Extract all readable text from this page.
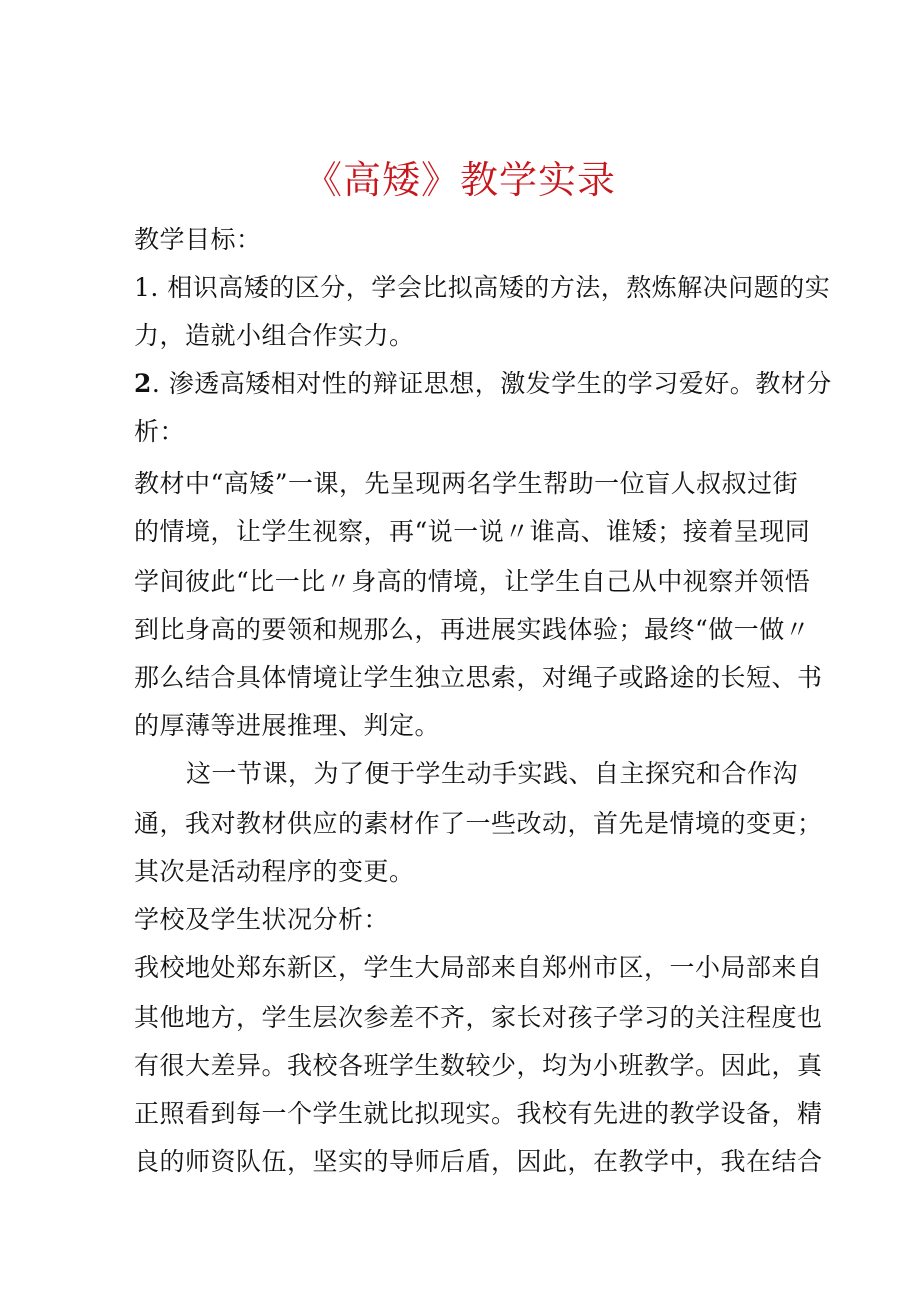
《高矮》教学实录
教学目标：
1. 相识高矮的区分，学会比拟高矮的方法，熬炼解决问题的实
力，造就小组合作实力。
2. 渗透高矮相对性的辩证思想，激发学生的学习爱好。教材分
析：
教材中“高矮”一课，先呈现两名学生帮助一位盲人叔叔过街
的情境，让学生视察，再“说一说〃谁高、谁矮；接着呈现同
学间彼此“比一比〃身高的情境，让学生自己从中视察并领悟
到比身高的要领和规那么，再进展实践体验；最终“做一做〃
那么结合具体情境让学生独立思索，对绳子或路途的长短、书
的厚薄等进展推理、判定。
这一节课，为了便于学生动手实践、自主探究和合作沟
通，我对教材供应的素材作了一些改动，首先是情境的变更；
其次是活动程序的变更。
学校及学生状况分析：
我校地处郑东新区，学生大局部来自郑州市区，一小局部来自
其他地方，学生层次参差不齐，家长对孩子学习的关注程度也
有很大差异。我校各班学生数较少，均为小班教学。因此，真
正照看到每一个学生就比拟现实。我校有先进的教学设备，精
良的师资队伍，坚实的导师后盾，因此，在教学中，我在结合
